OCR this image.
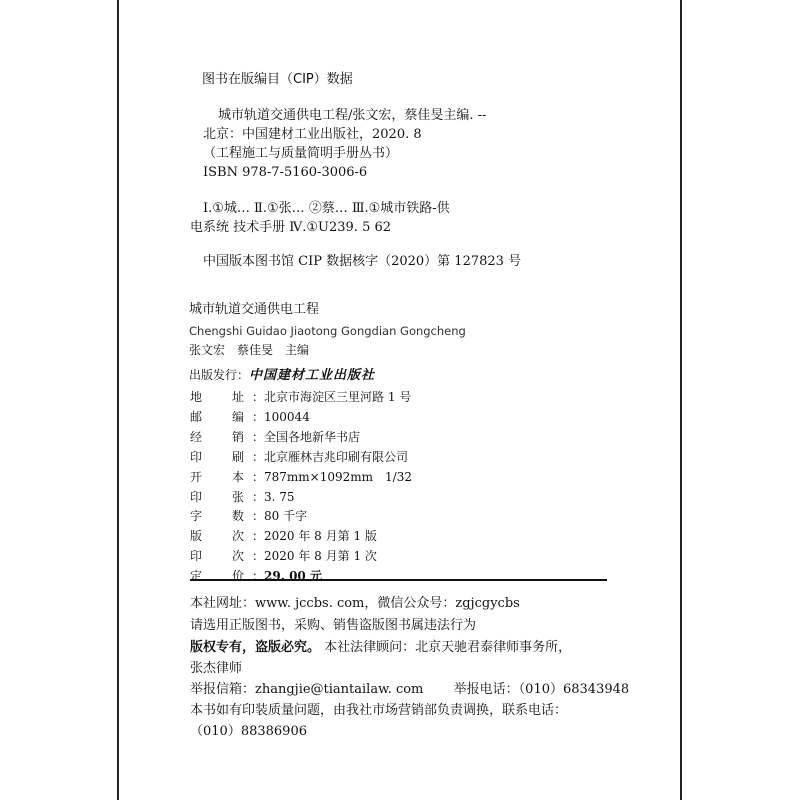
图书在版编目（CIP）数据
城市轨道交通供电工程/张文宏，蔡佳旻主编. --
北京：中国建材工业出版社，2020. 8
（工程施工与质量简明手册丛书）
ISBN 978-7-5160-3006-6
Ⅰ.①城… Ⅱ.①张… ②蔡… Ⅲ.①城市铁路-供
电系统 技术手册 Ⅳ.①U239. 5 62
中国版本图书馆 CIP 数据核字（2020）第 127823 号
城市轨道交通供电工程
Chengshi Guidao Jiaotong Gongdian Gongcheng
张文宏　蔡佳旻　主编
出版发行：中国建材工业出版社
地 址 ：北京市海淀区三里河路 1 号
邮 编 ：100044
经 销 ：全国各地新华书店
印 刷 ：北京雁林吉兆印刷有限公司
开 本 ：787mm×1092mm　1/32
印 张 ：3. 75
字 数 ：80 千字
版 次 ：2020 年 8 月第 1 版
印 次 ：2020 年 8 月第 1 次
定 价 ：29. 00 元
本社网址：www. jccbs. com，微信公众号：zgjcgycbs
请选用正版图书，采购、销售盗版图书属违法行为
版权专有，盗版必究。 本社法律顾问：北京天驰君泰律师事务所，
张杰律师
举报信箱：zhangjie@tiantailaw. com 举报电话：（010）68343948
本书如有印装质量问题，由我社市场营销部负责调换，联系电话：
（010）88386906
